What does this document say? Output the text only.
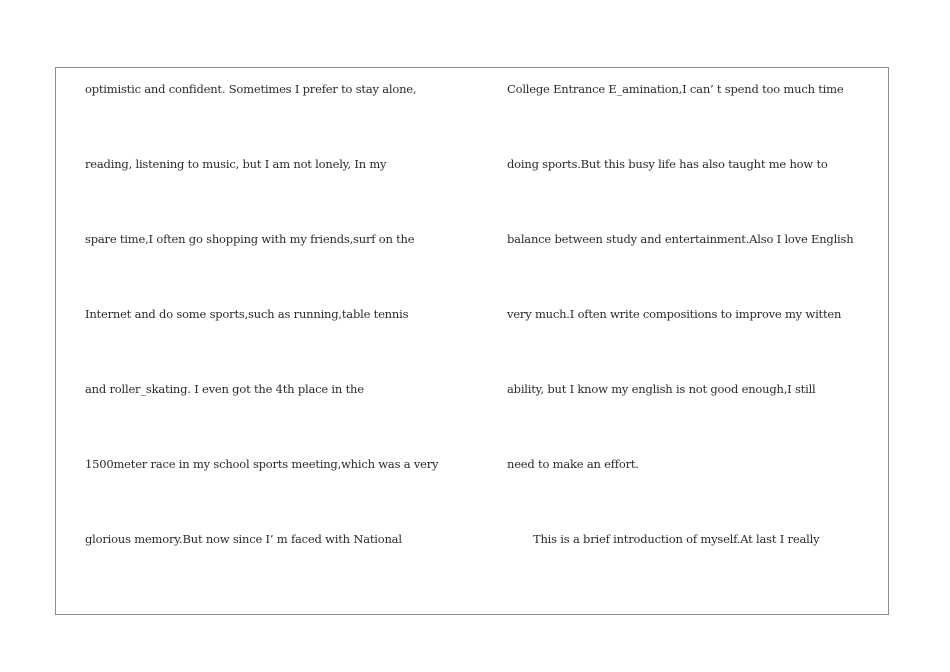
optimistic and confident. Sometimes I prefer to stay alone,
reading, listening to music, but I am not lonely, In my
spare time,I often go shopping with my friends,surf on the
Internet and do some sports,such as running,table tennis
and roller_skating. I even got the 4th place in the
1500meter race in my school sports meeting,which was a very
glorious memory.But now since I’ m faced with National
College Entrance E_amination,I can’ t spend too much time
doing sports.But this busy life has also taught me how to
balance between study and entertainment.Also I love English
very much.I often write compositions to improve my witten
ability, but I know my english is not good enough,I still
need to make an effort.
This is a brief introduction of myself.At last I really
